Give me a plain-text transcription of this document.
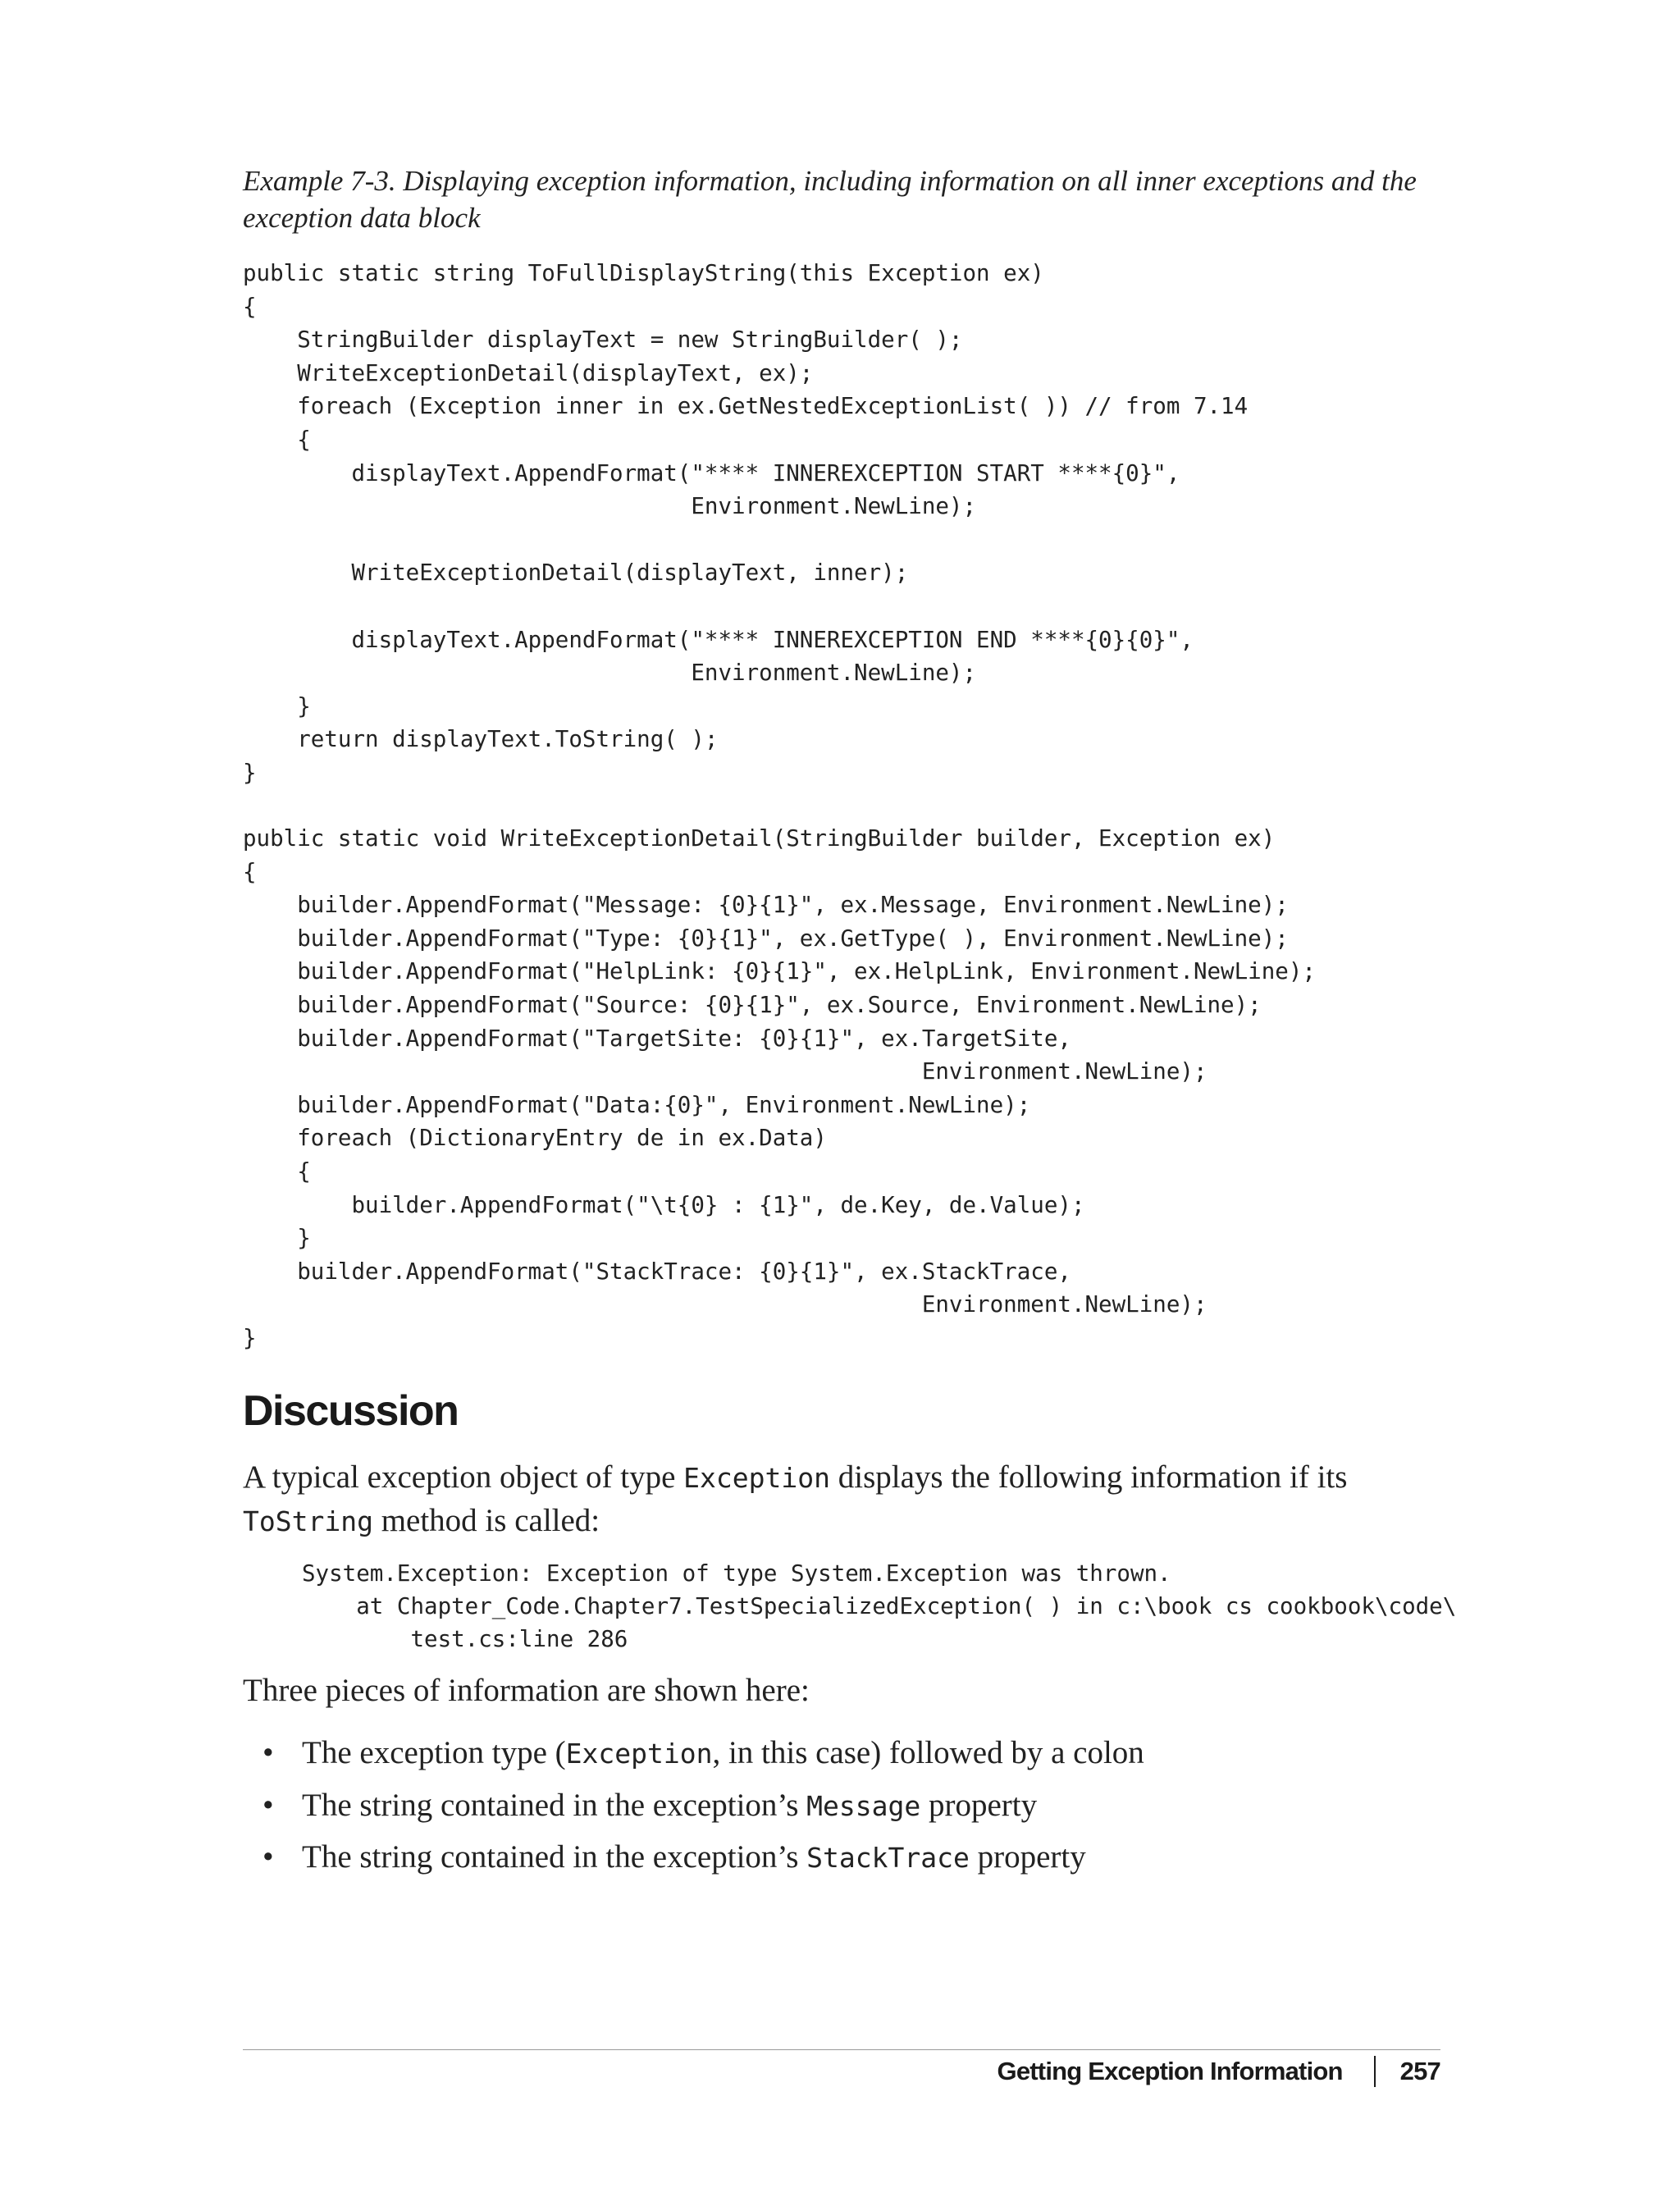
Example 7-3. Displaying exception information, including information on all inner exceptions and the exception data block

public static string ToFullDisplayString(this Exception ex)
{
StringBuilder displayText = new StringBuilder( );
WriteExceptionDetail(displayText, ex);
foreach (Exception inner in ex.GetNestedExceptionList( )) // from 7.14
{
displayText.AppendFormat("**** INNEREXCEPTION START ****{0}",
Environment.NewLine);

WriteExceptionDetail(displayText, inner);

displayText.AppendFormat("**** INNEREXCEPTION END ****{0}{0}",
Environment.NewLine);
}
return displayText.ToString( );
}
public static void WriteExceptionDetail(StringBuilder builder, Exception ex)
{
builder.AppendFormat("Message: {0}{1}", ex.Message, Environment.NewLine);
builder.AppendFormat("Type: {0}{1}", ex.GetType( ), Environment.NewLine);
builder.AppendFormat("HelpLink: {0}{1}", ex.HelpLink, Environment.NewLine);
builder.AppendFormat("Source: {0}{1}", ex.Source, Environment.NewLine);
builder.AppendFormat("TargetSite: {0}{1}", ex.TargetSite,
Environment.NewLine);
builder.AppendFormat("Data:{0}", Environment.NewLine);
foreach (DictionaryEntry de in ex.Data)
{
builder.AppendFormat("\t{0} : {1}", de.Key, de.Value);
}
builder.AppendFormat("StackTrace: {0}{1}", ex.StackTrace,
Environment.NewLine);
}
Discussion

A typical exception object of type Exception displays the following information if its ToString method is called:

System.Exception: Exception of type System.Exception was thrown.
at Chapter_Code.Chapter7.TestSpecializedException( ) in c:\book cs cookbook\code\
test.cs:line 286

Three pieces of information are shown here:

• The exception type (Exception, in this case) followed by a colon
• The string contained in the exception’s Message property
• The string contained in the exception’s StackTrace property
Getting Exception Information 257
